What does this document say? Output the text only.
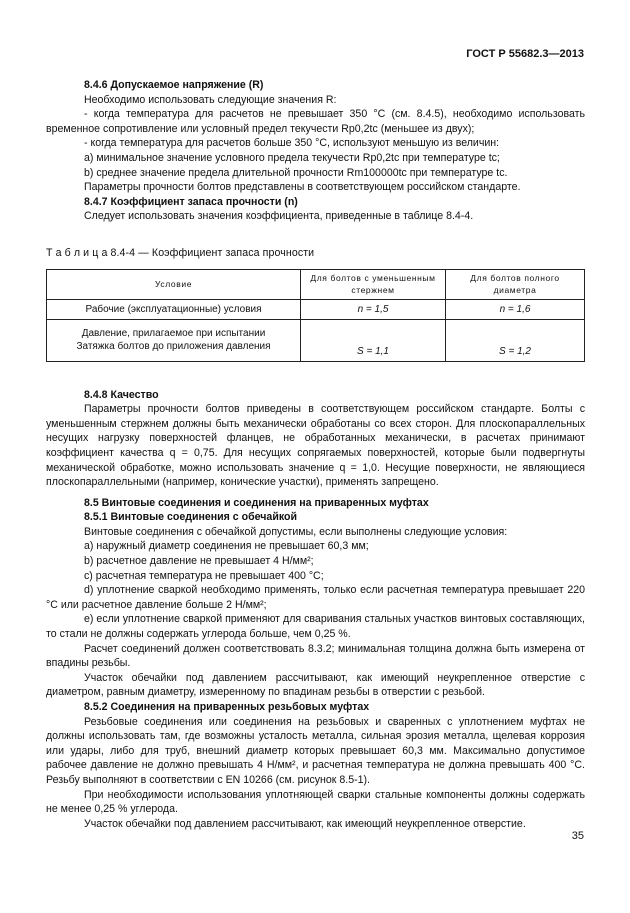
ГОСТ Р 55682.3—2013

8.4.6 Допускаемое напряжение (R)

Необходимо использовать следующие значения R:

- когда температура для расчетов не превышает 350 °С (см. 8.4.5), необходимо использовать временное сопротивление или условный предел текучести Rp0,2tc (меньшее из двух);

- когда температура для расчетов больше 350 °С, используют меньшую из величин:

а) минимальное значение условного предела текучести Rp0,2tc при температуре tc;

b) среднее значение предела длительной прочности Rm100000tc при температуре tc.

Параметры прочности болтов представлены в соответствующем российском стандарте.

8.4.7 Коэффициент запаса прочности (n)

Следует использовать значения коэффициента, приведенные в таблице 8.4-4.

Т а б л и ц а 8.4-4 — Коэффициент запаса прочности

Условие	Для болтов с уменьшенным стержнем	Для болтов полного диаметра
Рабочие (эксплуатационные) условия	n = 1,5	n = 1,6
Давление, прилагаемое при испытании
Затяжка болтов до приложения давления	S = 1,1	S = 1,2

8.4.8 Качество

Параметры прочности болтов приведены в соответствующем российском стандарте. Болты с уменьшенным стержнем должны быть механически обработаны со всех сторон. Для плоскопараллельных несущих нагрузку поверхностей фланцев, не обработанных механически, в расчетах принимают коэффициент качества q = 0,75. Для несущих сопрягаемых поверхностей, которые были подвергнуты механической обработке, можно использовать значение q = 1,0. Несущие поверхности, не являющиеся плоскопараллельными (например, конические участки), применять запрещено.

8.5 Винтовые соединения и соединения на приваренных муфтах

8.5.1 Винтовые соединения с обечайкой

Винтовые соединения с обечайкой допустимы, если выполнены следующие условия:

а) наружный диаметр соединения не превышает 60,3 мм;

b) расчетное давление не превышает 4 Н/мм²;

с) расчетная температура не превышает 400 °С;

d) уплотнение сваркой необходимо применять, только если расчетная температура превышает 220 °С или расчетное давление больше 2 Н/мм²;

е) если уплотнение сваркой применяют для сваривания стальных участков винтовых составляющих, то стали не должны содержать углерода больше, чем 0,25 %.

Расчет соединений должен соответствовать 8.3.2; минимальная толщина должна быть измерена от впадины резьбы.

Участок обечайки под давлением рассчитывают, как имеющий неукрепленное отверстие с диаметром, равным диаметру, измеренному по впадинам резьбы в отверстии с резьбой.

8.5.2 Соединения на приваренных резьбовых муфтах

Резьбовые соединения или соединения на резьбовых и сваренных с уплотнением муфтах не должны использовать там, где возможны усталость металла, сильная эрозия металла, щелевая коррозия или удары, либо для труб, внешний диаметр которых превышает 60,3 мм. Максимально допустимое рабочее давление не должно превышать 4 Н/мм², и расчетная температура не должна превышать 400 °С. Резьбу выполняют в соответствии с EN 10266 (см. рисунок 8.5-1).

При необходимости использования уплотняющей сварки стальные компоненты должны содержать не менее 0,25 % углерода.

Участок обечайки под давлением рассчитывают, как имеющий неукрепленное отверстие.

35
